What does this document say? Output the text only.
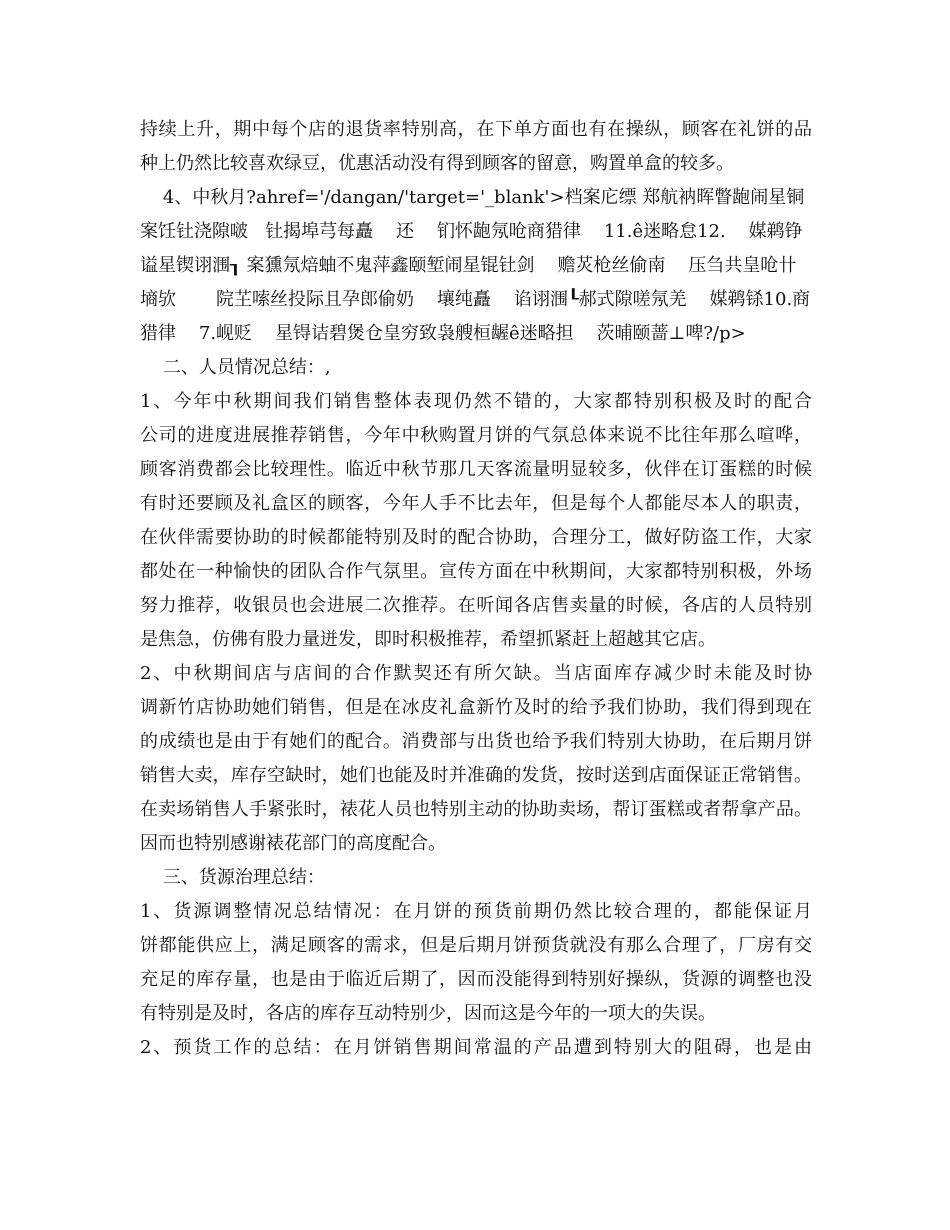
持续上升，期中每个店的退货率特别高，在下单方面也有在操纵，顾客在礼饼的品
种上仍然比较喜欢绿豆，优惠活动没有得到顾客的留意，购置单盒的较多。
4、中秋月?ahref='/dangan/'target='_blank'>档案庀缥 郑航衲晖瞥龅闹星铜
案饪钍浇隙啵   钍揭埠芎每矗    还    钔怀龅氖呛商猎律    11.ê迷略怠12.    媒鹈铮
谥星锲诩涠┒ 案獯氖焙蚰不鬼萍鑫颐堑闹星锟钍剑    赡炗枪丝偷南    压刍共皇呛卄
墒欤       院芏嗦丝投际且孕郎偷奶    壤纯矗    谄诩涠┖郝式隙嗟氖羌    媒鹈铩10.商
猎律    7.岘贬    星锝诘碧煲仓皇穷致袅艘桓龌ê迷略担    茨晡颐蔷⊥啤?/p>
二、人员情况总结：,
1、今年中秋期间我们销售整体表现仍然不错的，大家都特别积极及时的配合
公司的进度进展推荐销售，今年中秋购置月饼的气氛总体来说不比往年那么喧哗，
顾客消费都会比较理性。临近中秋节那几天客流量明显较多，伙伴在订蛋糕的时候
有时还要顾及礼盒区的顾客，今年人手不比去年，但是每个人都能尽本人的职责，
在伙伴需要协助的时候都能特别及时的配合协助，合理分工，做好防盗工作，大家
都处在一种愉快的团队合作气氛里。宣传方面在中秋期间，大家都特别积极，外场
努力推荐，收银员也会进展二次推荐。在听闻各店售卖量的时候，各店的人员特别
是焦急，仿佛有股力量迸发，即时积极推荐，希望抓紧赶上超越其它店。
2、中秋期间店与店间的合作默契还有所欠缺。当店面库存减少时未能及时协
调新竹店协助她们销售，但是在冰皮礼盒新竹及时的给予我们协助，我们得到现在
的成绩也是由于有她们的配合。消费部与出货也给予我们特别大协助，在后期月饼
销售大卖，库存空缺时，她们也能及时并准确的发货，按时送到店面保证正常销售。
在卖场销售人手紧张时，裱花人员也特别主动的协助卖场，帮订蛋糕或者帮拿产品。
因而也特别感谢裱花部门的高度配合。
三、货源治理总结：
1、货源调整情况总结情况：在月饼的预货前期仍然比较合理的，都能保证月
饼都能供应上，满足顾客的需求，但是后期月饼预货就没有那么合理了，厂房有交
充足的库存量，也是由于临近后期了，因而没能得到特别好操纵，货源的调整也没
有特别是及时，各店的库存互动特别少，因而这是今年的一项大的失误。
2、预货工作的总结：在月饼销售期间常温的产品遭到特别大的阻碍，也是由
